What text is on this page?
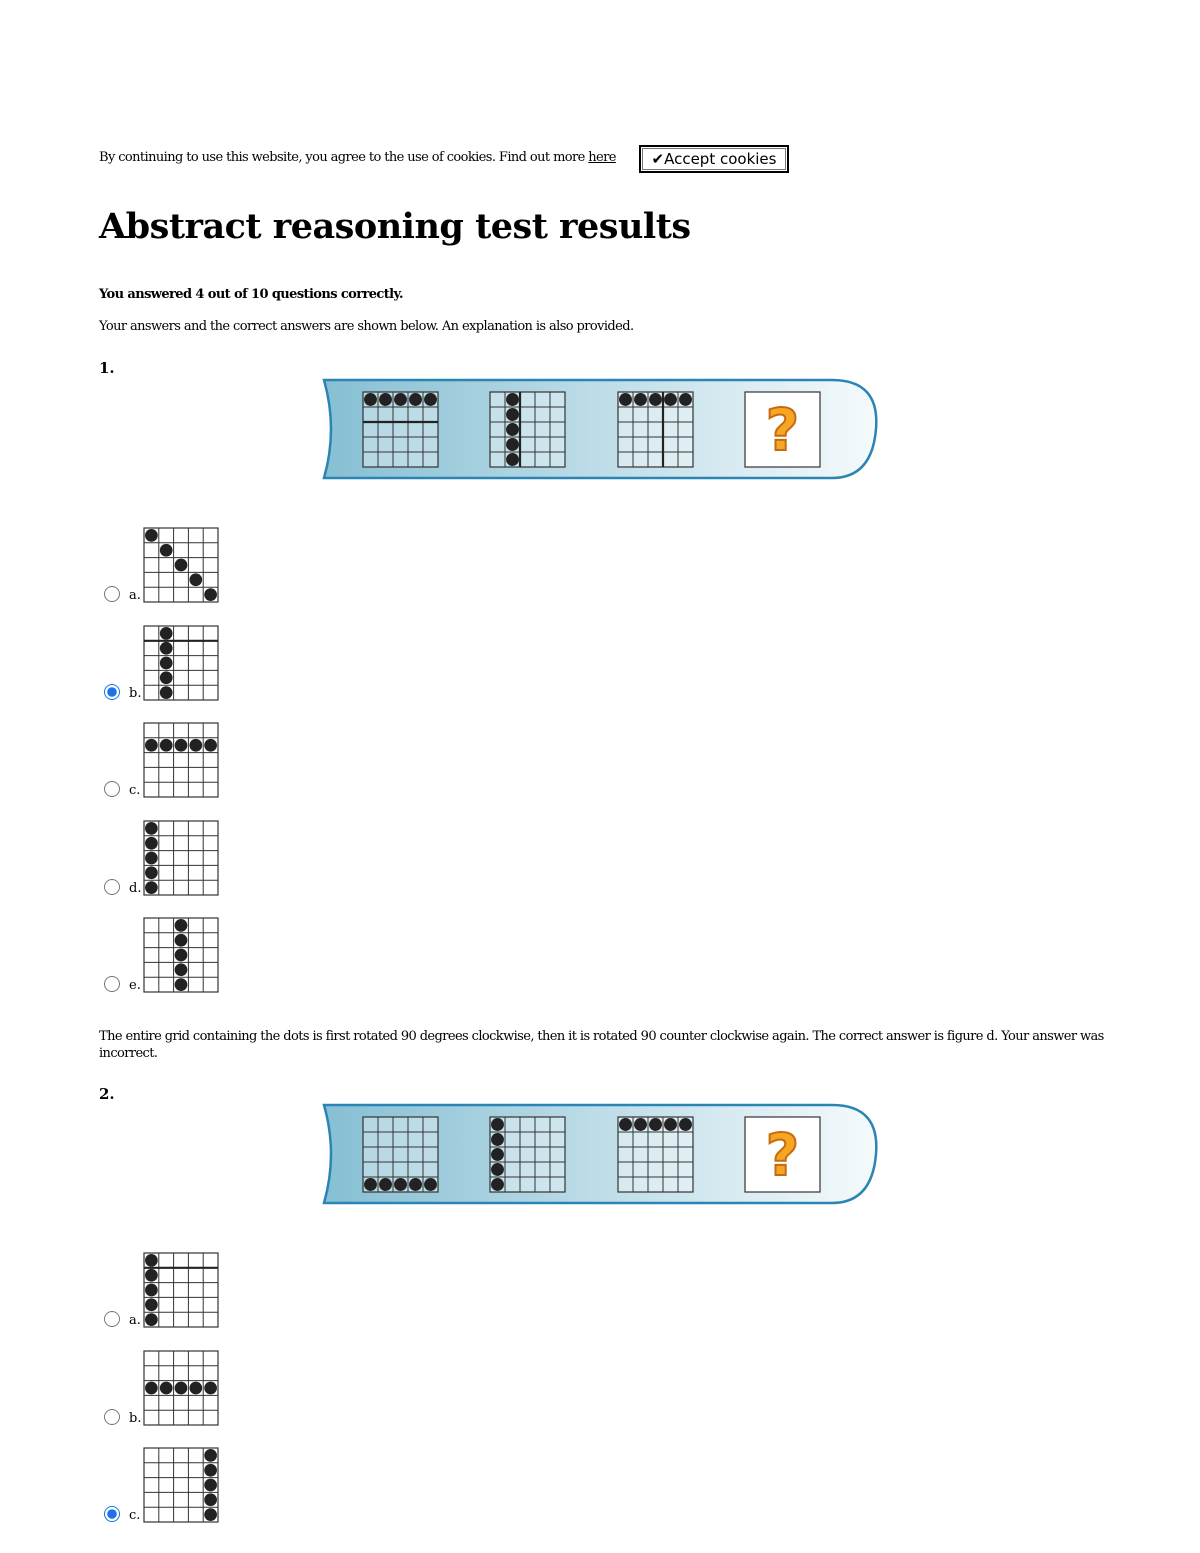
By continuing to use this website, you agree to the use of cookies. Find out more here	✔Accept cookies
Abstract reasoning test results
You answered 4 out of 10 questions correctly.
Your answers and the correct answers are shown below. An explanation is also provided.
1.
?
a.
b.
c.
d.
e.
The entire grid containing the dots is first rotated 90 degrees clockwise, then it is rotated 90 counter clockwise again. The correct answer is figure d. Your answer was incorrect.
2.
?
a.
b.
c.
